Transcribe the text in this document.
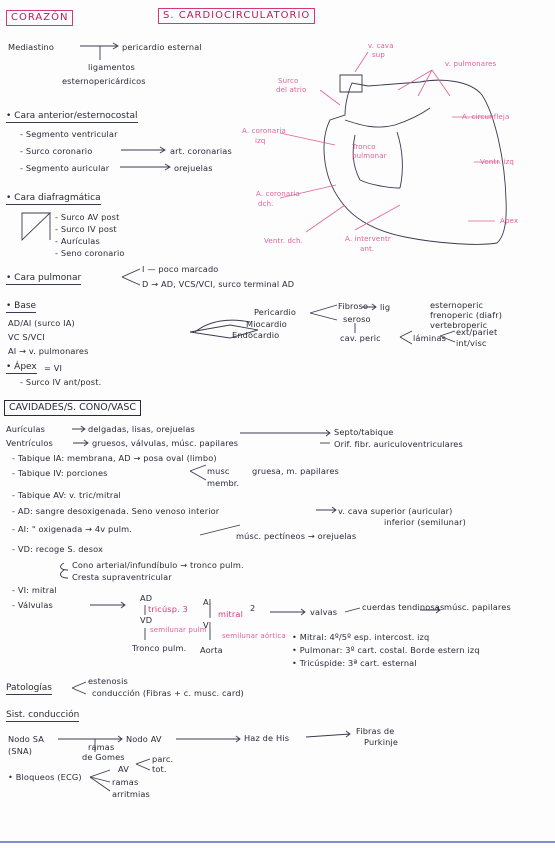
CORAZÓN	S. CARDIOCIRCULATORIO
Mediastino	pericardio esternal
ligamentos
esternopericárdicos
v. cava
sup
Surco
del atrio
v. pulmonares
A. coronaria
izq
Tronco
pulmonar
A. circunfleja
Ventr. izq
A. coronaria
dch.
Ventr. dch.	A. interventr
ant.
Ápex
• Cara anterior/esternocostal
- Segmento ventricular
- Surco coronario	art. coronarias
- Segmento auricular	orejuelas
• Cara diafragmática
- Surco AV post
- Surco IV post
- Aurículas
- Seno coronario
• Cara pulmonar
I — poco marcado
D → AD, VCS/VCI, surco terminal AD
• Base
AD/AI (surco IA)
VC S/VCI
AI → v. pulmonares
Pericardio
Miocardio
Endocardio
Fibroso
seroso
lig	esternoperic
frenoperic (diafr)
vertebroperic
cav. peric	láminas
ext/pariet
int/visc
• Ápex = VI
- Surco IV ant/post.
CAVIDADES/S. CONO/VASC
Aurículas	delgadas, lisas, orejuelas	Septo/tabique
Ventrículos	gruesos, válvulas, músc. papilares	Orif. fibr. auriculoventriculares
- Tabique IA: membrana, AD → posa oval (limbo)
- Tabique IV: porciones	musc
membr.
gruesa, m. papilares
- Tabique AV: v. tric/mitral
- AD: sangre desoxigenada. Seno venoso interior	v. cava superior (auricular)
inferior (semilunar)
- AI: " oxigenada → 4v pulm.
músc. pectíneos → orejuelas
- VD: recoge S. desox
Cono arterial/infundíbulo → tronco pulm.
Cresta supraventricular
- VI: mitral
- Válvulas
AD
tricúsp. 3
AI
mitral
2
VD	VI
semilunar pulm
semilunar aórtica
Tronco pulm. Aorta
valvas	cuerdas tendinosas músc. papilares
• Mitral: 4º/5º esp. intercost. izq
• Pulmonar: 3º cart. costal. Borde estern izq
• Tricúspide: 3ª cart. esternal
Patologías
estenosis
conducción (Fibras + c. musc. card)
Sist. conducción
Nodo SA
(SNA)	ramas
de Gomes
Nodo AV	Haz de His
Fibras de
Purkinje
• Bloqueos (ECG)
AV
parc.
tot.
ramas
arritmias
